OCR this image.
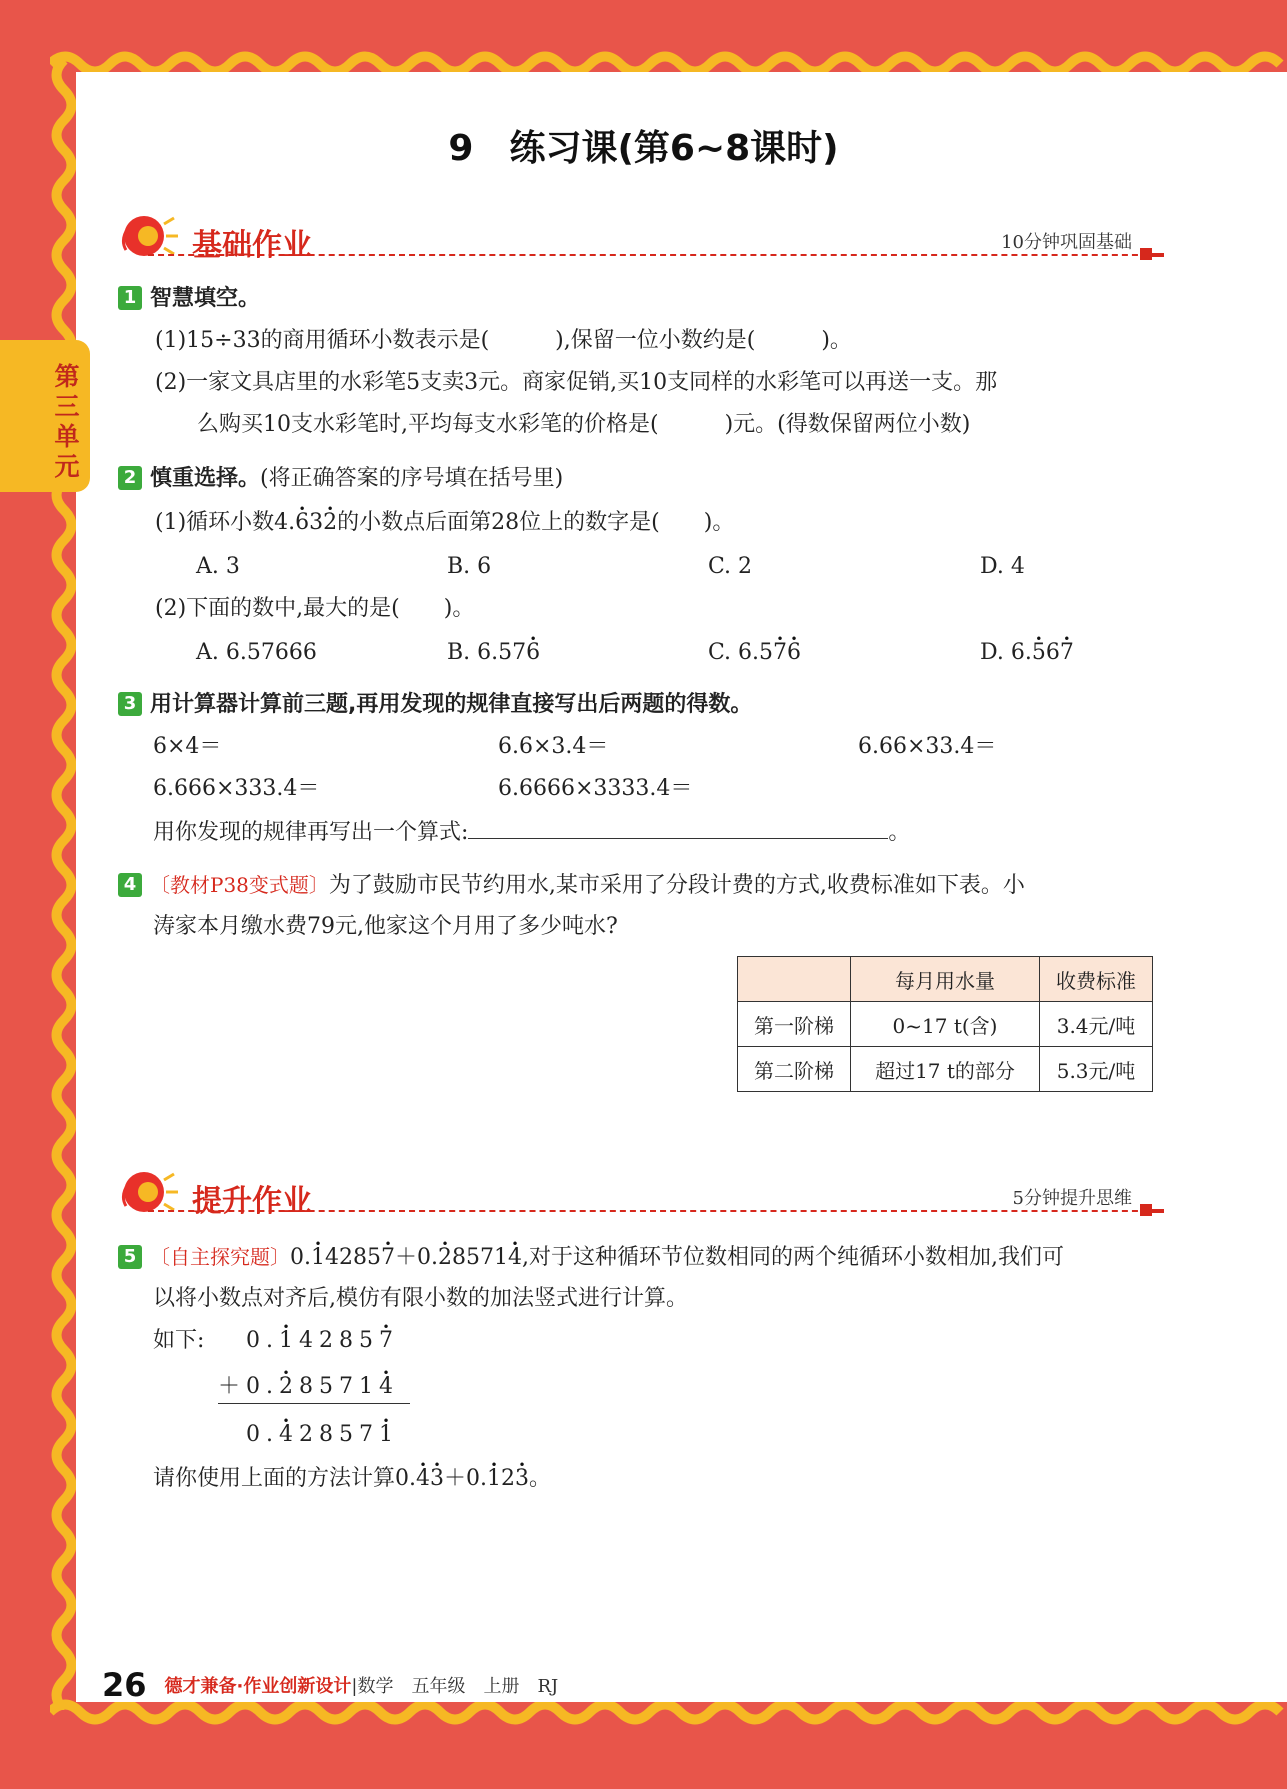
第三单元
9　练习课(第6~8课时)
基础作业	10分钟巩固基础
1 智慧填空。
(1)15÷33的商用循环小数表示是(　　　),保留一位小数约是(　　　)。
(2)一家文具店里的水彩笔5支卖3元。商家促销,买10支同样的水彩笔可以再送一支。那
么购买10支水彩笔时,平均每支水彩笔的价格是(　　　)元。(得数保留两位小数)
2 慎重选择。(将正确答案的序号填在括号里)
(1)循环小数4.• 63• 2的小数点后面第28位上的数字是(　　)。
A. 3	B. 6	C. 2	D. 4
(2)下面的数中,最大的是(　　)。
A. 6.57666	B. 6.57• 6	C. 6.5• 7• 6	D. 6.• 56• 7
3 用计算器计算前三题,再用发现的规律直接写出后两题的得数。
6×4＝	6.6×3.4＝	6.66×33.4＝
6.666×333.4＝	6.6666×3333.4＝
用你发现的规律再写出一个算式:	。
4 〔教材P38变式题〕为了鼓励市民节约用水,某市采用了分段计费的方式,收费标准如下表。小
涛家本月缴水费79元,他家这个月用了多少吨水?
	每月用水量	收费标准
第一阶梯	0~17 t(含)	3.4元/吨
第二阶梯	超过17 t的部分	5.3元/吨
提升作业	5分钟提升思维
5 〔自主探究题〕0.• 14285• 7＋0.• 28571• 4,对于这种循环节位数相同的两个纯循环小数相加,我们可
以将小数点对齐后,模仿有限小数的加法竖式进行计算。
如下: 0.• 14285• 7
＋0.• 28571• 4
0.• 42857• 1
请你使用上面的方法计算0.• 4• 3＋0.• 12• 3。
26 德才兼备·作业创新设计|数学　五年级　上册　RJ
